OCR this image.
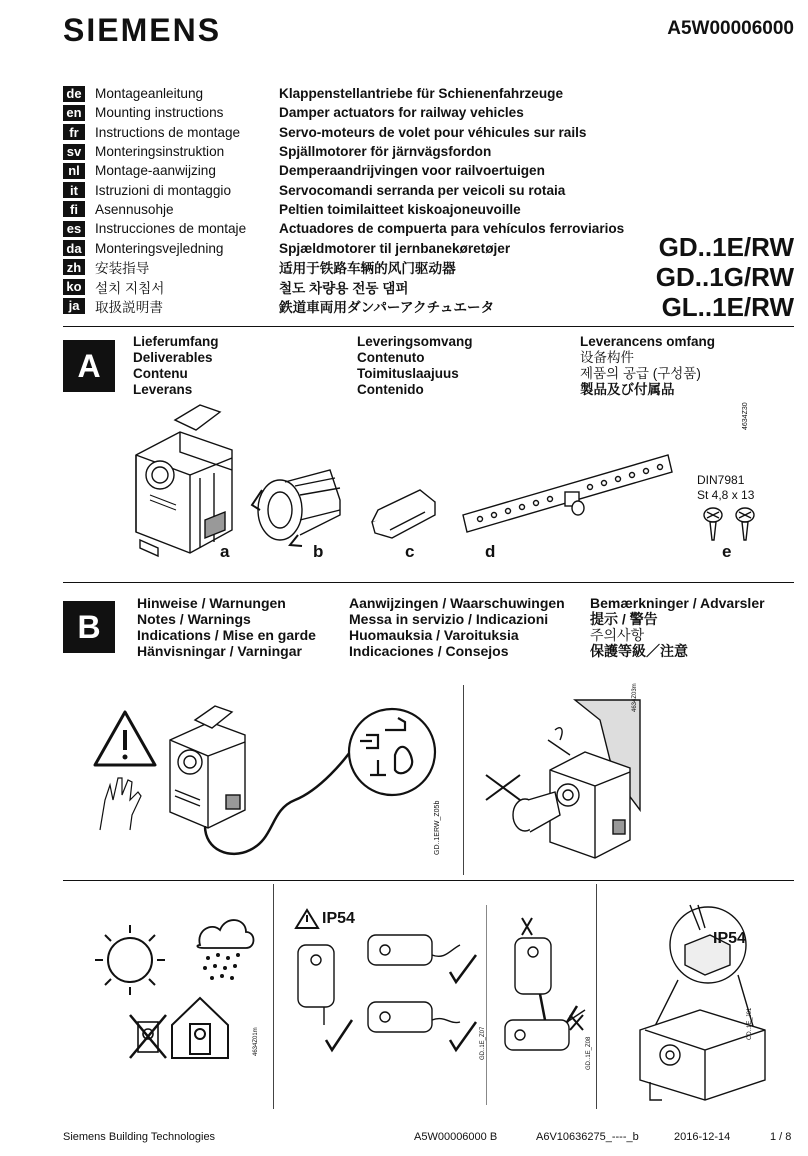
SIEMENS	A5W00006000
de Montageanleitung	Klappenstellantriebe für Schienenfahrzeuge
en Mounting instructions	Damper actuators for railway vehicles
fr	Instructions de montage	Servo-moteurs de volet pour véhicules sur rails
sv Monteringsinstruktion	Spjällmotorer för järnvägsfordon
nl	Montage-aanwijzing	Demperaandrijvingen voor railvoertuigen
it	Istruzioni di montaggio	Servocomandi serranda per veicoli su rotaia
fi	Asennusohje	Peltien toimilaitteet kiskoajoneuvoille
es Instrucciones de montaje	Actuadores de compuerta para vehículos ferroviarios
da Monteringsvejledning	Spjældmotorer til jernbanekøretøjer
zh 安装指导	适用于铁路车辆的风门驱动器
ko 설치 지침서	철도 차량용 전동 댐퍼
ja	取扱説明書	鉄道車両用ダンパーアクチュエータ
GD..1E/RW
GD..1G/RW
GL..1E/RW
A
Lieferumfang
Deliverables
Contenu
Leverans
Leveringsomvang
Contenuto
Toimituslaajuus
Contenido
Leverancens omfang
设备构件
제품의 공급 (구성품)
製品及び付属品
4634Z30
DIN7981
St 4,8 x 13
a	b	c	d	e
B
Hinweise / Warnungen
Notes / Warnings
Indications / Mise en garde
Hänvisningar / Varningar
Aanwijzingen / Waarschuwingen
Messa in servizio / Indicazioni
Huomauksia / Varoituksia
Indicaciones / Consejos
Bemærkninger / Advarsler
提示 / 警告
주의사항
保護等級／注意
GD..1ERW_Z05b
4634Z03m
4634Z01m	GD..1E_Z08
CD..1E_J01
GD..1E_Z07
IP54
IP54
Siemens Building Technologies	A5W00006000 B	A6V10636275_----_b	2016-12-14	1 / 8
